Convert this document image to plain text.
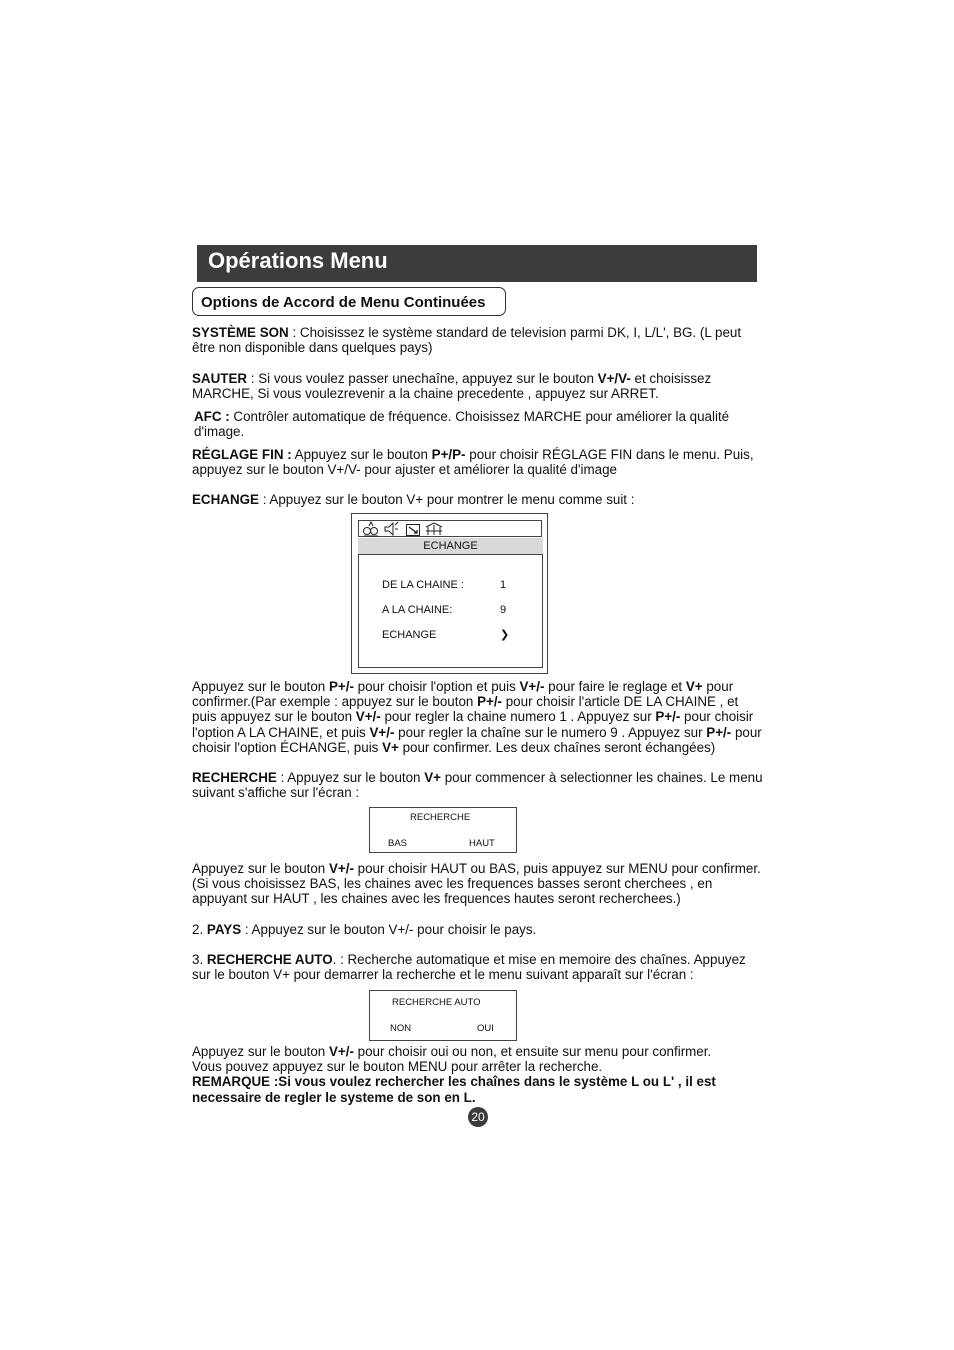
Opérations Menu
Options de Accord de Menu Continuées

SYSTÈME SON : Choisissez le système standard de television parmi DK, I, L/L', BG. (L peut être non disponible dans quelques pays)

SAUTER : Si vous voulez passer unechaîne, appuyez sur le bouton V+/V- et choisissez MARCHE, Si vous voulezrevenir a la chaine precedente , appuyez sur ARRET.

AFC : Contrôler automatique de fréquence. Choisissez MARCHE pour améliorer la qualité d'image.

RÉGLAGE FIN : Appuyez sur le bouton P+/P- pour choisir RÉGLAGE FIN dans le menu. Puis, appuyez sur le bouton V+/V- pour ajuster et améliorer la qualité d'image

ECHANGE : Appuyez sur le bouton V+ pour montrer le menu comme suit :

ECHANGE
DE LA CHAINE :	1
A LA CHAINE:	9
ECHANGE	❯

Appuyez sur le bouton P+/- pour choisir l'option et puis V+/- pour faire le reglage et V+ pour confirmer.(Par exemple : appuyez sur le bouton P+/- pour choisir l'article DE LA CHAINE , et puis appuyez sur le bouton V+/- pour regler la chaine numero 1 . Appuyez sur P+/- pour choisir l'option A LA CHAINE, et puis V+/- pour regler la chaîne sur le numero 9 . Appuyez sur P+/- pour choisir l'option ÉCHANGE, puis V+ pour confirmer. Les deux chaînes seront échangées)

RECHERCHE : Appuyez sur le bouton V+ pour commencer à selectionner les chaines. Le menu suivant s'affiche sur l'écran :

RECHERCHE
BAS	HAUT

Appuyez sur le bouton V+/- pour choisir HAUT ou BAS, puis appuyez sur MENU pour confirmer.(Si vous choisissez BAS, les chaines avec les frequences basses seront cherchees , en appuyant sur HAUT , les chaines avec les frequences hautes seront recherchees.)

2. PAYS : Appuyez sur le bouton V+/- pour choisir le pays.

3. RECHERCHE AUTO. : Recherche automatique et mise en memoire des chaînes. Appuyez sur le bouton V+ pour demarrer la recherche et le menu suivant apparaît sur l'écran :

RECHERCHE AUTO
NON	OUI

Appuyez sur le bouton V+/- pour choisir oui ou non, et ensuite sur menu pour confirmer.
Vous pouvez appuyez sur le bouton MENU pour arrêter la recherche.
REMARQUE :Si vous voulez rechercher les chaînes dans le système L ou L' , il est necessaire de regler le systeme de son en L.

20
